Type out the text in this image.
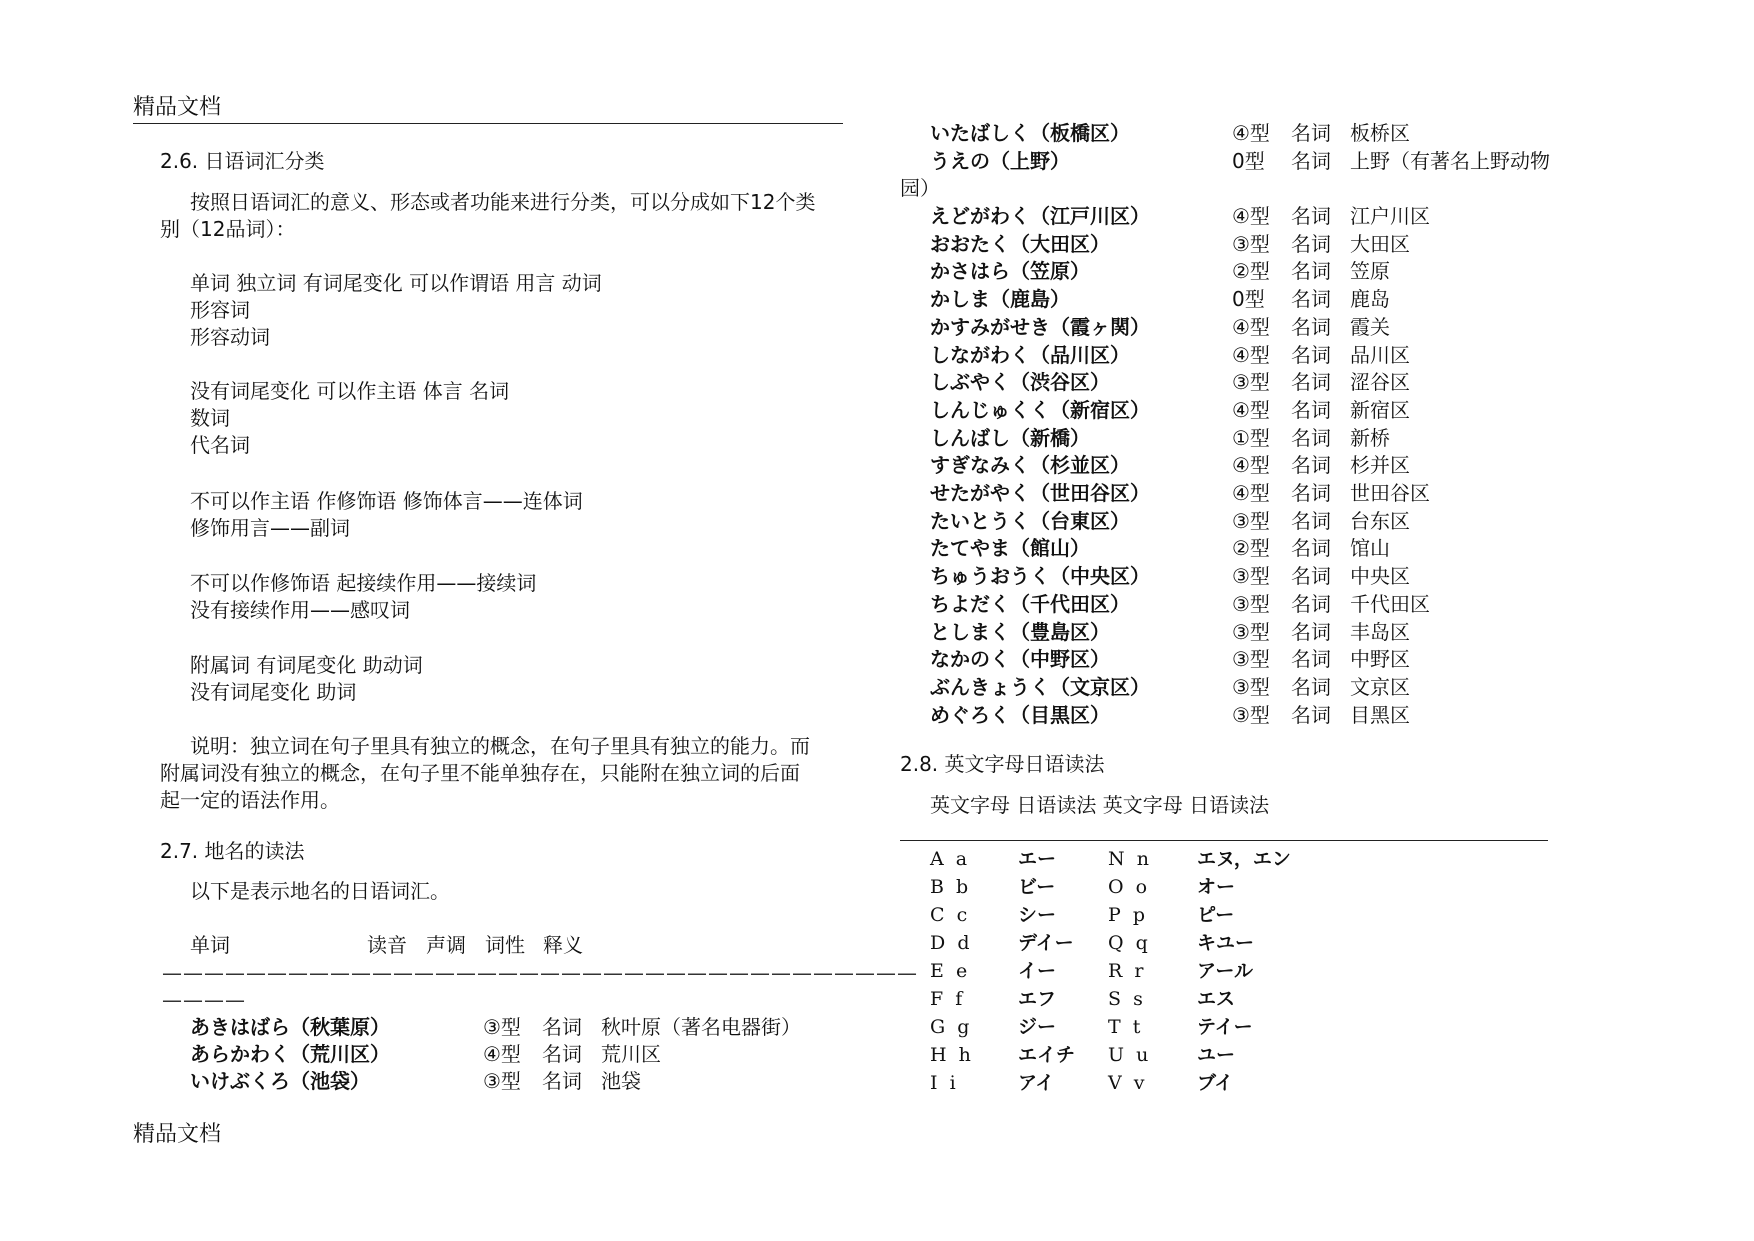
精品文档
2.6. 日语词汇分类
按照日语词汇的意义、形态或者功能来进行分类，可以分成如下12个类
别（12品词）：
单词 独立词 有词尾变化 可以作谓语 用言 动词
形容词
形容动词
没有词尾变化 可以作主语 体言 名词
数词
代名词
不可以作主语 作修饰语 修饰体言——连体词
修饰用言——副词
不可以作修饰语 起接续作用——接续词
没有接续作用——感叹词
附属词 有词尾变化 助动词
没有词尾变化 助词
说明：独立词在句子里具有独立的概念，在句子里具有独立的能力。而
附属词没有独立的概念，在句子里不能单独存在，只能附在独立词的后面
起一定的语法作用。
2.7. 地名的读法
以下是表示地名的日语词汇。
单词	读音 声调 词性 释义
————————————————————————————————————
————
あきはばら（秋葉原）	③型 名词 秋叶原（著名电器街）
あらかわく（荒川区）	④型 名词 荒川区
いけぶくろ（池袋）	③型 名词 池袋
精品文档
いたばしく（板橋区）	④型 名词 板桥区
うえの（上野）	0型 名词 上野（有著名上野动物
园）
えどがわく（江戸川区）	④型 名词 江户川区
おおたく（大田区）	③型 名词 大田区
かさはら（笠原）	②型 名词 笠原
かしま（鹿島）	0型 名词 鹿岛
かすみがせき（霞ヶ関）	④型 名词 霞关
しながわく（品川区）	④型 名词 品川区
しぶやく（渋谷区）	③型 名词 涩谷区
しんじゅくく（新宿区）	④型 名词 新宿区
しんばし（新橋）	①型 名词 新桥
すぎなみく（杉並区）	④型 名词 杉并区
せたがやく（世田谷区）	④型 名词 世田谷区
たいとうく（台東区）	③型 名词 台东区
たてやま（館山）	②型 名词 馆山
ちゅうおうく（中央区）	③型 名词 中央区
ちよだく（千代田区）	③型 名词 千代田区
としまく（豊島区）	③型 名词 丰岛区
なかのく（中野区）	③型 名词 中野区
ぶんきょうく（文京区）	③型 名词 文京区
めぐろく（目黒区）	③型 名词 目黑区
2.8. 英文字母日语读法
英文字母 日语读法 英文字母 日语读法
A  a	エー	N  n	エヌ，エン
B  b	ビー	O  o	オー
C  c	シー	P  p	ピー
D  d	デイー Q  q	キユー
E  e	イー	R  r	アール
F  f	エフ	S  s	エス
G  g	ジー	T  t	テイー
H  h エイチ U  u	ユー
I  i	アイ	V  v	ブイ
